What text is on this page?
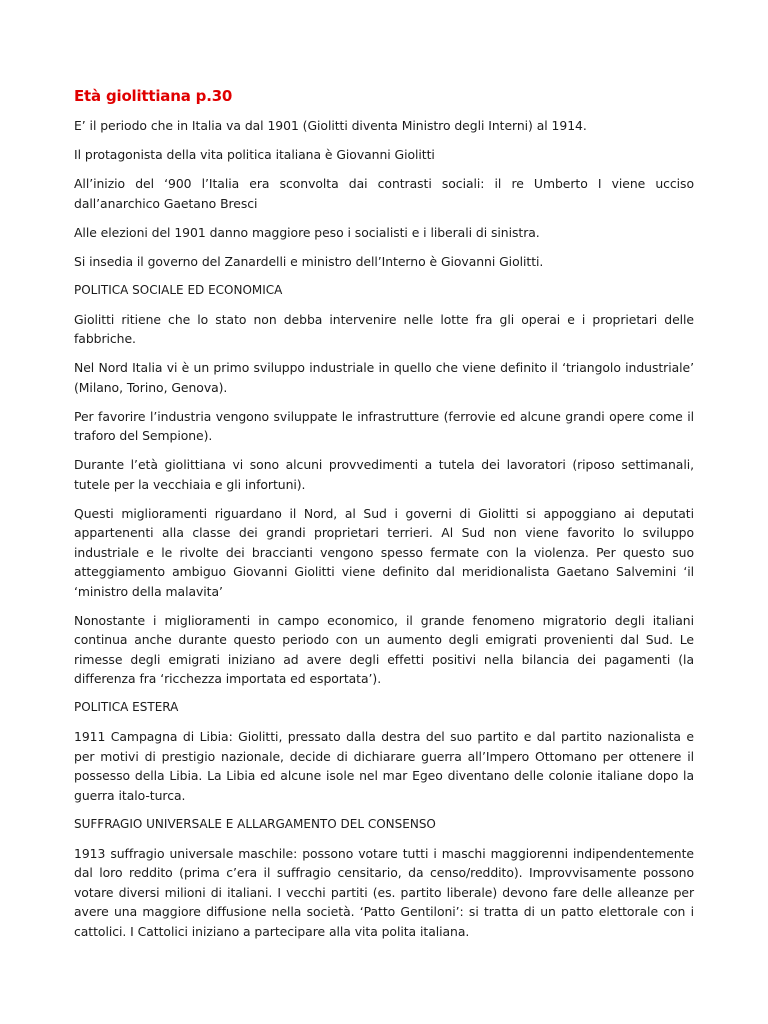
Età giolittiana p.30

E’ il periodo che in Italia va dal 1901 (Giolitti diventa Ministro degli Interni) al 1914.

Il protagonista della vita politica italiana è Giovanni Giolitti

All’inizio del ‘900 l’Italia era sconvolta dai contrasti sociali: il re Umberto I viene ucciso dall’anarchico Gaetano Bresci

Alle elezioni del 1901 danno maggiore peso i socialisti e i liberali di sinistra.

Si insedia il governo del Zanardelli e ministro dell’Interno è Giovanni Giolitti.

POLITICA SOCIALE ED ECONOMICA

Giolitti ritiene che lo stato non debba intervenire nelle lotte fra gli operai e i proprietari delle fabbriche.

Nel Nord Italia vi è un primo sviluppo industriale in quello che viene definito il ‘triangolo industriale’ (Milano, Torino, Genova).

Per favorire l’industria vengono sviluppate le infrastrutture (ferrovie ed alcune grandi opere come il traforo del Sempione).

Durante l’età giolittiana vi sono alcuni provvedimenti a tutela dei lavoratori (riposo settimanali, tutele per la vecchiaia e gli infortuni).

Questi miglioramenti riguardano il Nord, al Sud i governi di Giolitti si appoggiano ai deputati appartenenti alla classe dei grandi proprietari terrieri. Al Sud non viene favorito lo sviluppo industriale e le rivolte dei braccianti vengono spesso fermate con la violenza. Per questo suo atteggiamento ambiguo Giovanni Giolitti viene definito dal meridionalista Gaetano Salvemini ‘il ‘ministro della malavita’

Nonostante i miglioramenti in campo economico, il grande fenomeno migratorio degli italiani continua anche durante questo periodo con un aumento degli emigrati provenienti dal Sud. Le rimesse degli emigrati iniziano ad avere degli effetti positivi nella bilancia dei pagamenti (la differenza fra ‘ricchezza importata ed esportata’).

POLITICA ESTERA

1911 Campagna di Libia: Giolitti, pressato dalla destra del suo partito e dal partito nazionalista e per motivi di prestigio nazionale, decide di dichiarare guerra all’Impero Ottomano per ottenere il possesso della Libia. La Libia ed alcune isole nel mar Egeo diventano delle colonie italiane dopo la guerra italo-turca.

SUFFRAGIO UNIVERSALE E ALLARGAMENTO DEL CONSENSO

1913 suffragio universale maschile: possono votare tutti i maschi maggiorenni indipendentemente dal loro reddito (prima c’era il suffragio censitario, da censo/reddito). Improvvisamente possono votare diversi milioni di italiani. I vecchi partiti (es. partito liberale) devono fare delle alleanze per avere una maggiore diffusione nella società. ‘Patto Gentiloni’: si tratta di un patto elettorale con i cattolici. I Cattolici iniziano a partecipare alla vita polita italiana.
